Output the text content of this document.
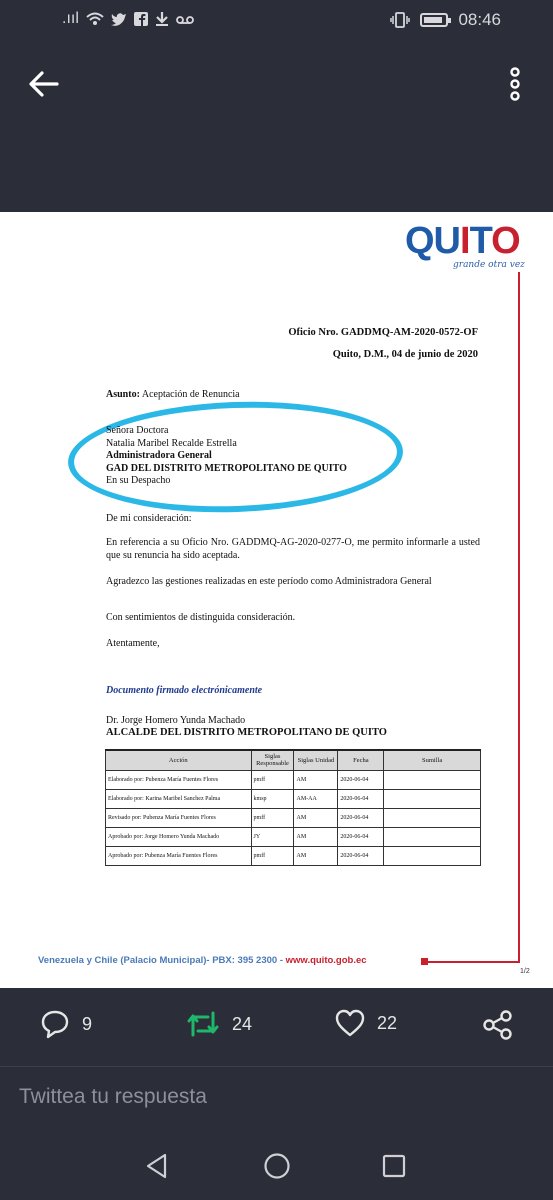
.ııl	08:46
QUITO
grande otra vez
Oficio Nro. GADDMQ-AM-2020-0572-OF
Quito, D.M., 04 de junio de 2020
Asunto: Aceptación de Renuncia
Señora Doctora
Natalia Maribel Recalde Estrella
Administradora General
GAD DEL DISTRITO METROPOLITANO DE QUITO
En su Despacho
De mi consideración:
En referencia a su Oficio Nro. GADDMQ-AG-2020-0277-O, me permito informarle a usted que su renuncia ha sido aceptada.
Agradezco las gestiones realizadas en este período como Administradora General
Con sentimientos de distinguida consideración.
Atentamente,
Documento firmado electrónicamente
Dr. Jorge Homero Yunda Machado
ALCALDE DEL DISTRITO METROPOLITANO DE QUITO
Acción	Siglas Responsable	Siglas Unidad	Fecha	Sumilla
Elaborado por: Pubenza María Fuentes Flores	pmff	AM	2020-06-04	
Elaborado por: Karina Maribel Sanchez Palma	kmsp	AM-AA	2020-06-04	
Revisado por: Pubenza María Fuentes Flores	pmff	AM	2020-06-04	
Aprobado por: Jorge Homero Yunda Machado	JY	AM	2020-06-04	
Aprobado por: Pubenza María Fuentes Flores	pmff	AM	2020-06-04	
Venezuela y Chile (Palacio Municipal)- PBX: 395 2300 - www.quito.gob.ec
1/2
9	24	22
Twittea tu respuesta
